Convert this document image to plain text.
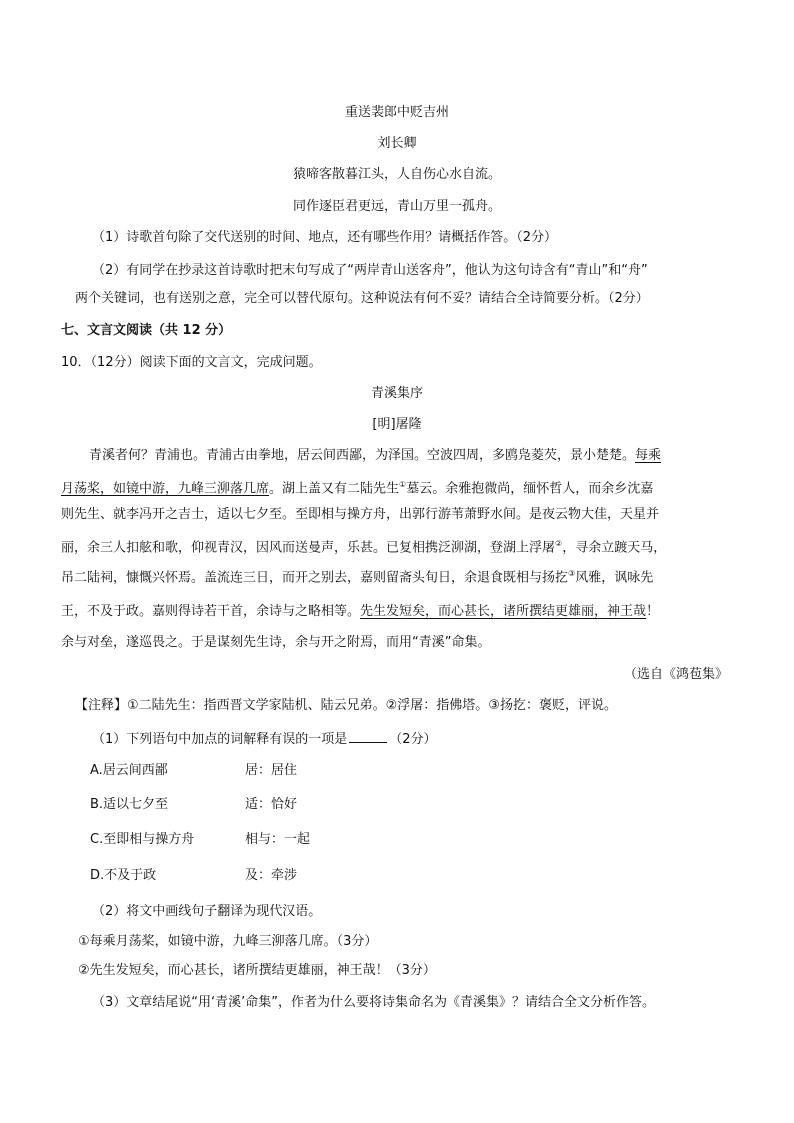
重送裴郎中贬吉州
刘长卿
猿啼客散暮江头，人自伤心水自流。
同作逐臣君更远，青山万里一孤舟。
（1）诗歌首句除了交代送别的时间、地点，还有哪些作用？请概括作答。（2分）
（2）有同学在抄录这首诗歌时把末句写成了“两岸青山送客舟”，他认为这句诗含有“青山”和“舟”
两个关键词，也有送别之意，完全可以替代原句。这种说法有何不妥？请结合全诗简要分析。（2分）
七、文言文阅读（共 12 分）
10．（12分）阅读下面的文言文，完成问题。
青溪集序
[明]屠隆
青溪者何？青浦也。青浦古由拳地，居云间西鄙，为泽国。空波四周，多鸥凫菱芡，景小楚楚。每乘
月荡桨，如镜中游，九峰三泖落几席。湖上盖又有二陆先生①墓云。余雅抱微尚，缅怀哲人，而余乡沈嘉
则先生、就李冯开之吉士，适以七夕至。至即相与操方舟，出郭行游苇萧野水间。是夜云物大佳，天星并
丽，余三人扣舷和歌，仰视青汉，因风而送曼声，乐甚。已复相携泛泖湖，登湖上浮屠②，寻余立踱天马，
吊二陆祠，慷慨兴怀焉。盖流连三日，而开之别去，嘉则留斋头旬日，余退食既相与扬扢③风雅，讽咏先
王，不及于政。嘉则得诗若干首，余诗与之略相等。先生发短矣，而心甚长，诸所撰结更雄丽，神王哉！
余与对垒，遂巡畏之。于是谋刻先生诗，余与开之附焉，而用“青溪”命集。
（选自《鸿苞集》
【注释】①二陆先生：指西晋文学家陆机、陆云兄弟。②浮屠：指佛塔。③扬扢：褒贬，评说。
（1）下列语句中加点的词解释有误的一项是	（2分）
A.居云间西鄙	居：居住
B.适以七夕至	适：恰好
C.至即相与操方舟	相与：一起
D.不及于政	及：牵涉
（2）将文中画线句子翻译为现代汉语。
①每乘月荡桨，如镜中游，九峰三泖落几席。（3分）
②先生发短矣，而心甚长，诸所撰结更雄丽，神王哉！（3分）
（3）文章结尾说“用‘青溪’命集”，作者为什么要将诗集命名为《青溪集》？请结合全文分析作答。
